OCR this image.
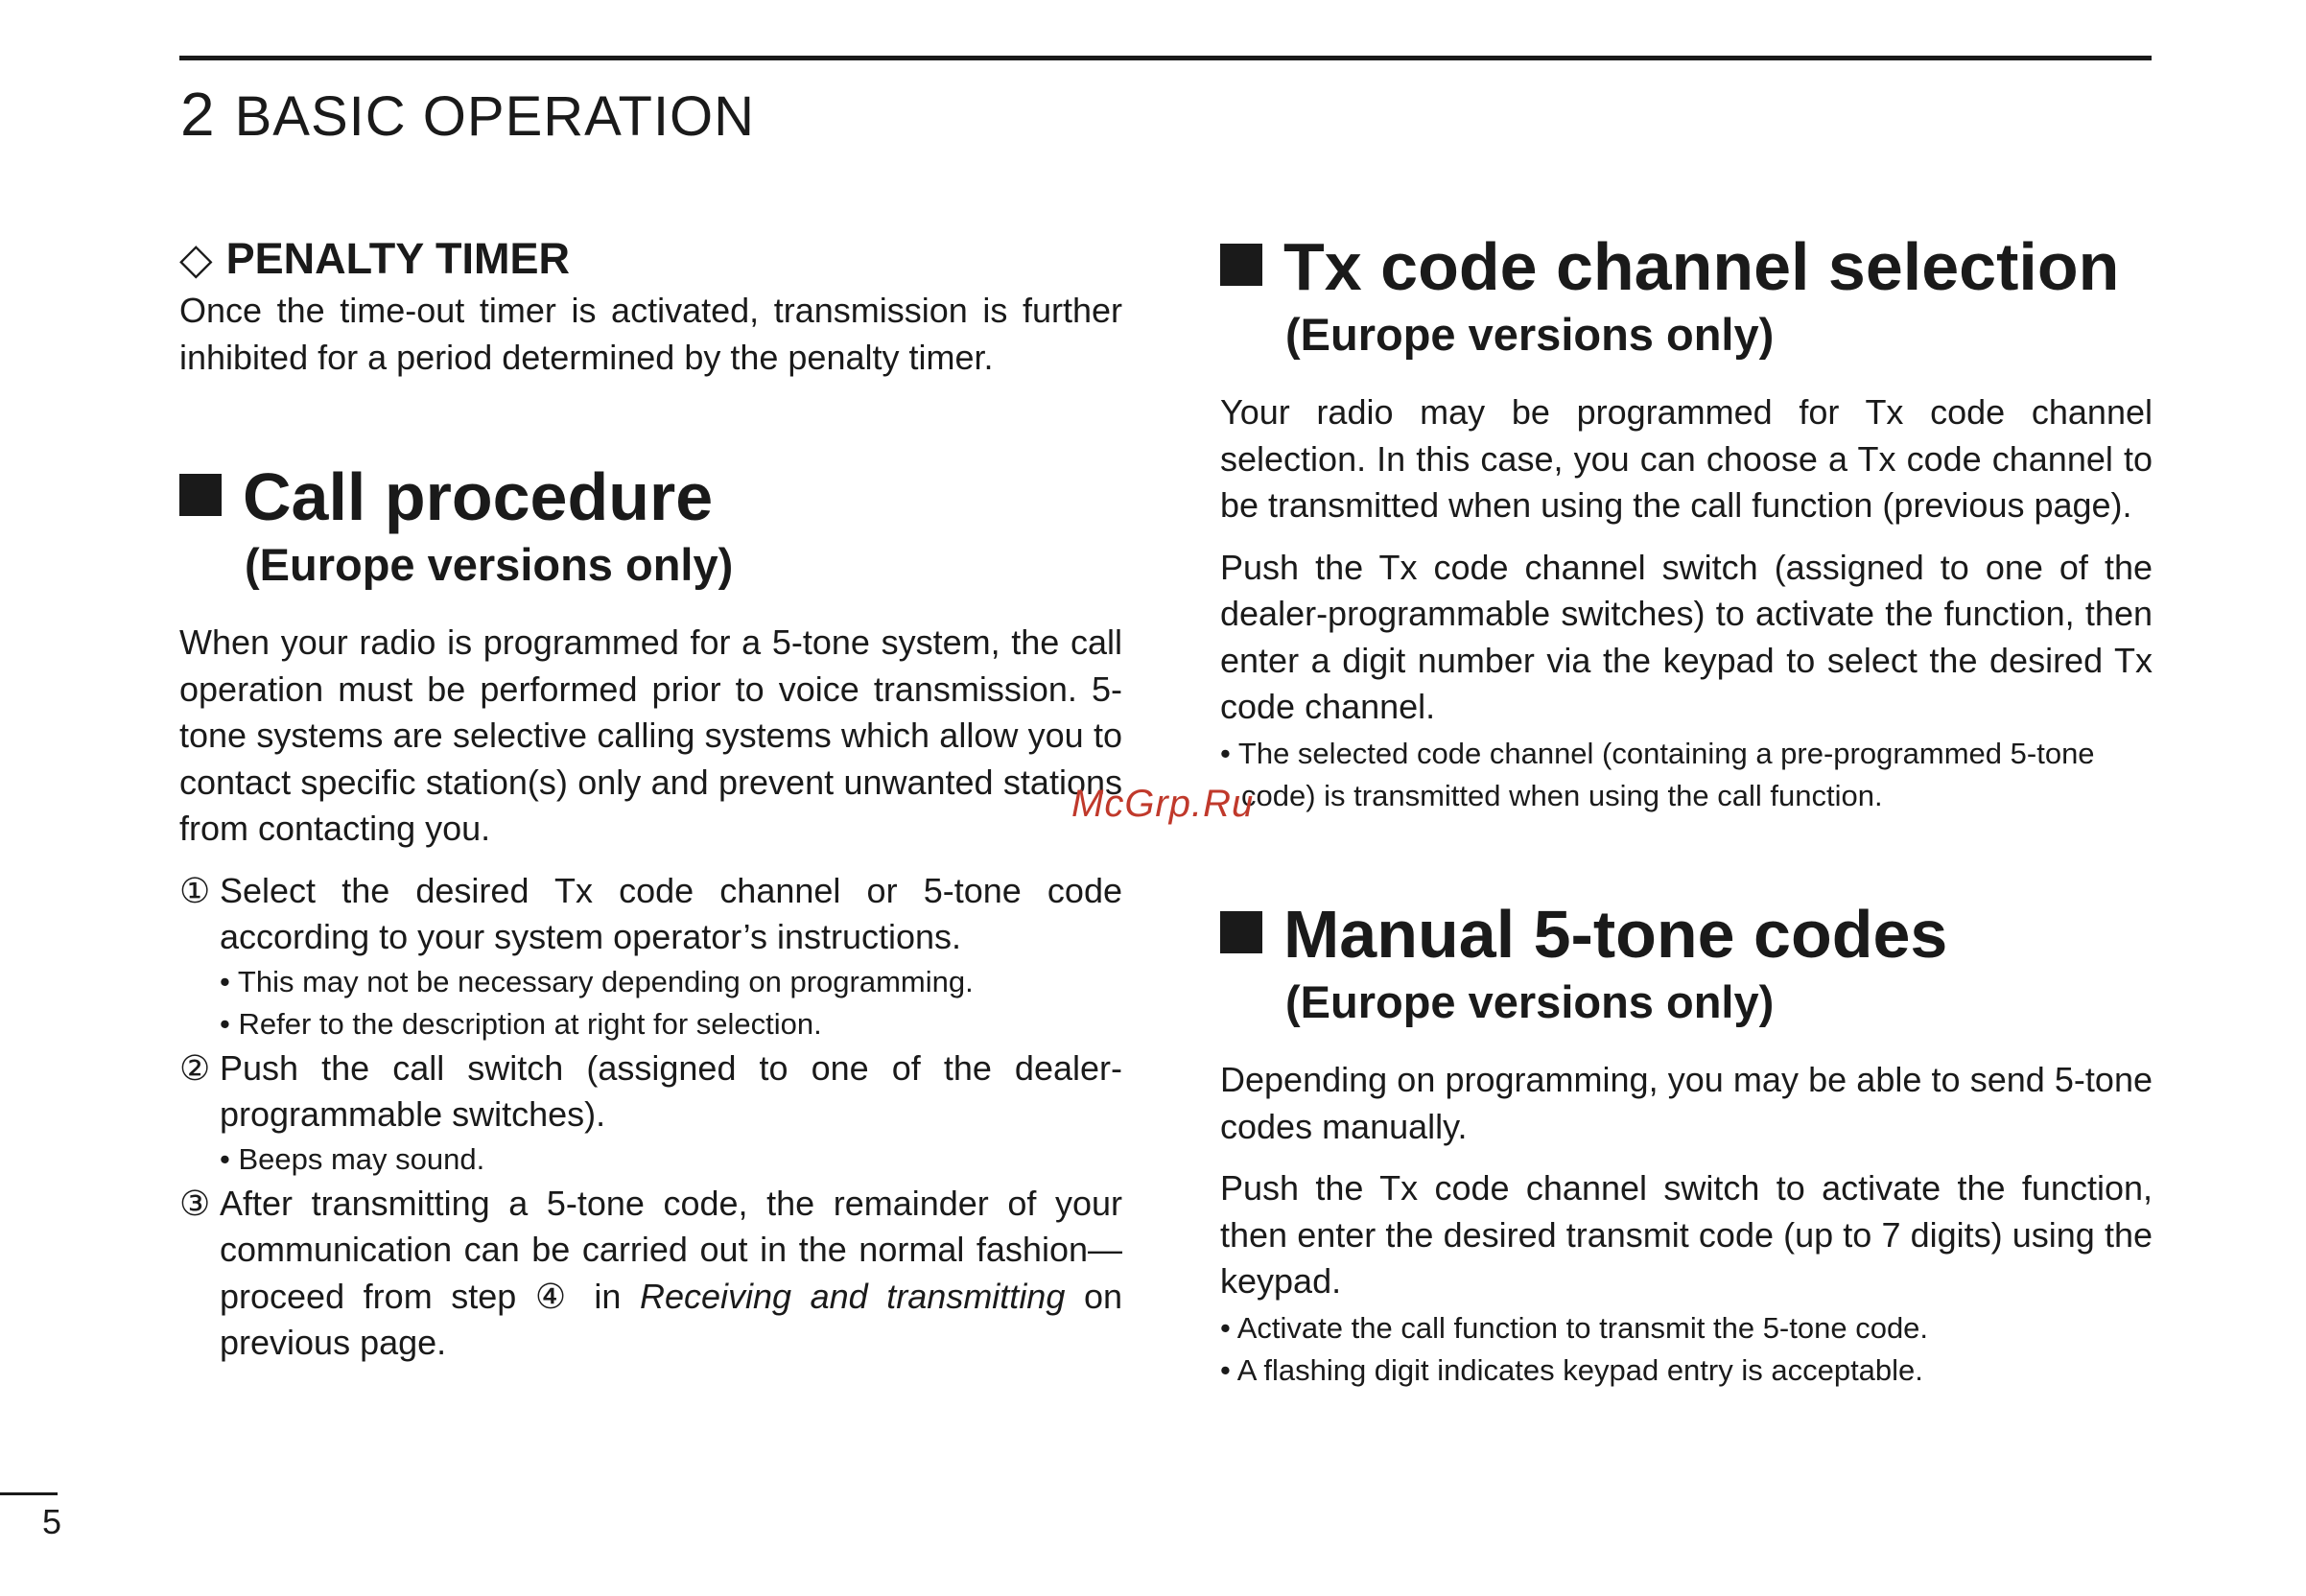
2 BASIC OPERATION
◇ PENALTY TIMER

Once the time-out timer is activated, transmission is further inhibited for a period determined by the penalty timer.

Call procedure
(Europe versions only)

When your radio is programmed for a 5-tone system, the call operation must be performed prior to voice transmission. 5-tone systems are selective calling systems which allow you to contact specific station(s) only and prevent unwanted stations from contacting you.

① Select the desired Tx code channel or 5-tone code according to your system operator’s instructions.

• This may not be necessary depending on programming.

• Refer to the description at right for selection.

② Push the call switch (assigned to one of the dealer-programmable switches).

• Beeps may sound.

③ After transmitting a 5-tone code, the remainder of your communication can be carried out in the normal fashion—proceed from step ④ in Receiving and transmitting on previous page.
Tx code channel selection
(Europe versions only)

Your radio may be programmed for Tx code channel selection. In this case, you can choose a Tx code channel to be transmitted when using the call function (previous page).

Push the Tx code channel switch (assigned to one of the dealer-programmable switches) to activate the function, then enter a digit number via the keypad to select the desired Tx code channel.

• The selected code channel (containing a pre-programmed 5-tone

code) is transmitted when using the call function.

Manual 5-tone codes
(Europe versions only)

Depending on programming, you may be able to send 5-tone codes manually.

Push the Tx code channel switch to activate the function, then enter the desired transmit code (up to 7 digits) using the keypad.

• Activate the call function to transmit the 5-tone code.

• A flashing digit indicates keypad entry is acceptable.

McGrp.Ru
5
